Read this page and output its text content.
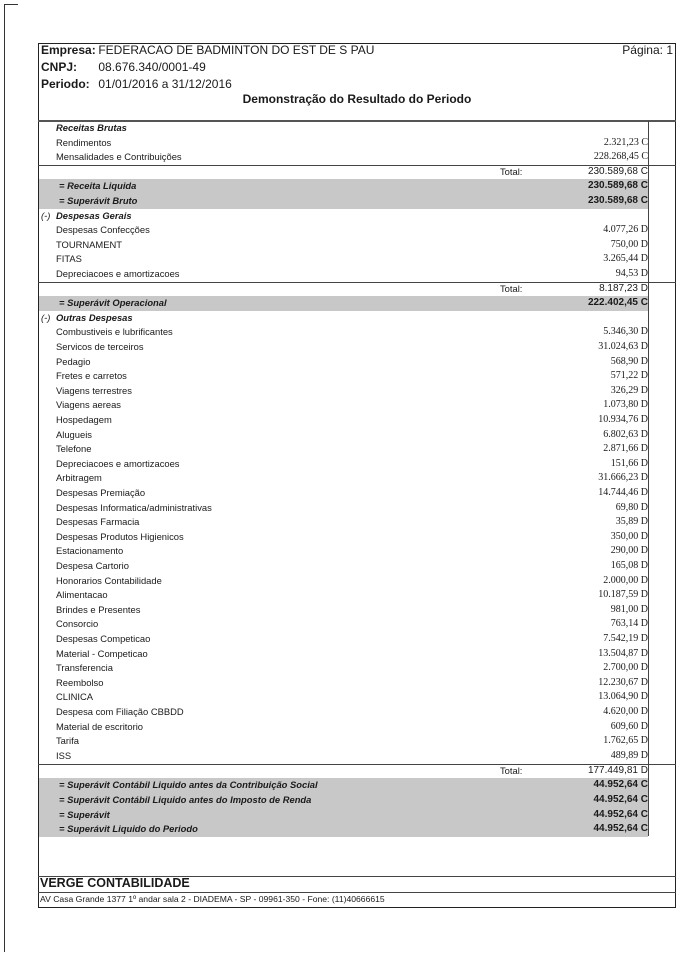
Empresa: FEDERACAO DE BADMINTON DO EST DE S PAU	Página: 1
CNPJ: 08.676.340/0001-49
Periodo: 01/01/2016 a 31/12/2016
Demonstração do Resultado do Periodo
Receitas Brutas
Rendimentos	2.321,23 C
Mensalidades e Contribuições	228.268,45 C
Total:	230.589,68 C
= Receita Liquida	230.589,68 C
= Superávit Bruto	230.589,68 C
(-) Despesas Gerais
Despesas Confecções	4.077,26 D
TOURNAMENT	750,00 D
FITAS	3.265,44 D
Depreciacoes e amortizacoes	94,53 D
Total:	8.187,23 D
= Superávit Operacional	222.402,45 C
(-) Outras Despesas
Combustiveis e lubrificantes	5.346,30 D
Servicos de terceiros	31.024,63 D
Pedagio	568,90 D
Fretes e carretos	571,22 D
Viagens terrestres	326,29 D
Viagens aereas	1.073,80 D
Hospedagem	10.934,76 D
Alugueis	6.802,63 D
Telefone	2.871,66 D
Depreciacoes e amortizacoes	151,66 D
Arbitragem	31.666,23 D
Despesas Premiação	14.744,46 D
Despesas Informatica/administrativas	69,80 D
Despesas Farmacia	35,89 D
Despesas Produtos Higienicos	350,00 D
Estacionamento	290,00 D
Despesa Cartorio	165,08 D
Honorarios Contabilidade	2.000,00 D
Alimentacao	10.187,59 D
Brindes e Presentes	981,00 D
Consorcio	763,14 D
Despesas Competicao	7.542,19 D
Material - Competicao	13.504,87 D
Transferencia	2.700,00 D
Reembolso	12.230,67 D
CLINICA	13.064,90 D
Despesa com Filiação CBBDD	4.620,00 D
Material de escritorio	609,60 D
Tarifa	1.762,65 D
ISS	489,89 D
Total:	177.449,81 D
= Superávit Contábil Liquido antes da Contribuição Social	44.952,64 C
= Superávit Contábil Liquido antes do Imposto de Renda	44.952,64 C
= Superávit	44.952,64 C
= Superávit Liquido do Periodo	44.952,64 C
VERGE CONTABILIDADE
AV Casa Grande 1377 1º andar sala 2 - DIADEMA - SP - 09961-350 - Fone: (11)40666615
